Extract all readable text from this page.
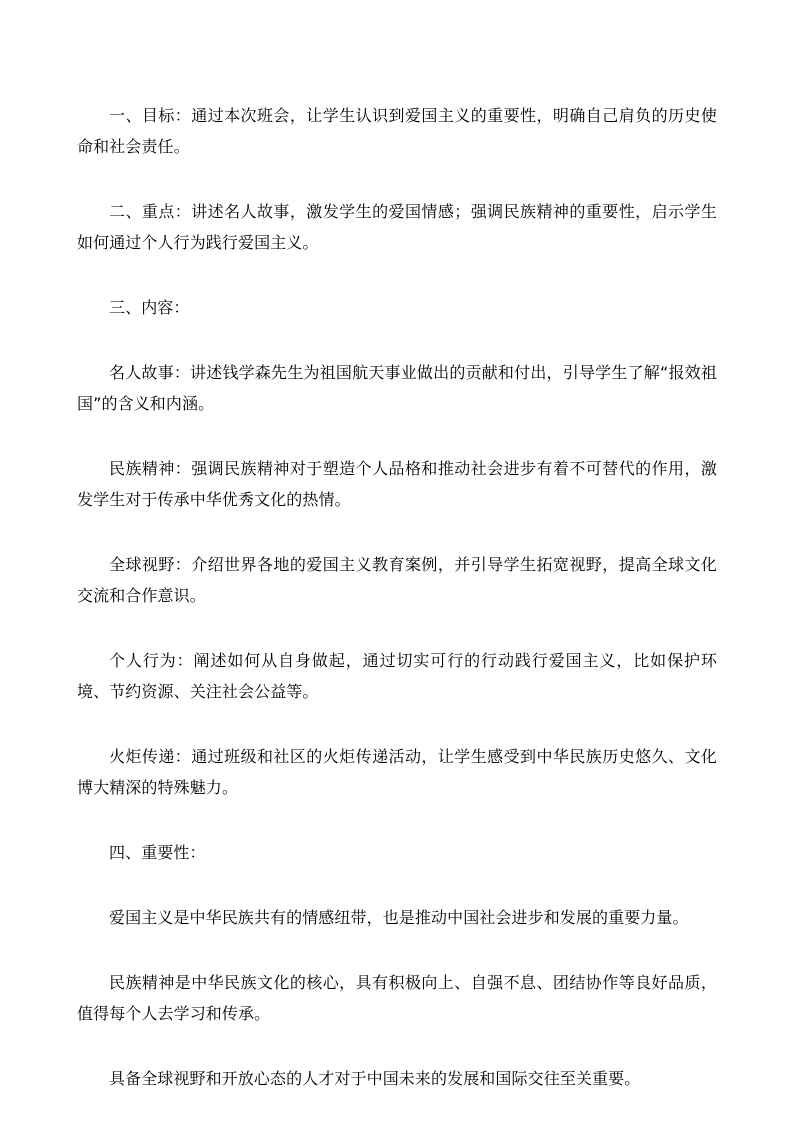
一、目标：通过本次班会，让学生认识到爱国主义的重要性，明确自己肩负的历史使命和社会责任。

二、重点：讲述名人故事，激发学生的爱国情感；强调民族精神的重要性，启示学生如何通过个人行为践行爱国主义。

三、内容：

名人故事：讲述钱学森先生为祖国航天事业做出的贡献和付出，引导学生了解“报效祖国”的含义和内涵。

民族精神：强调民族精神对于塑造个人品格和推动社会进步有着不可替代的作用，激发学生对于传承中华优秀文化的热情。

全球视野：介绍世界各地的爱国主义教育案例，并引导学生拓宽视野，提高全球文化交流和合作意识。

个人行为：阐述如何从自身做起，通过切实可行的行动践行爱国主义，比如保护环境、节约资源、关注社会公益等。

火炬传递：通过班级和社区的火炬传递活动，让学生感受到中华民族历史悠久、文化博大精深的特殊魅力。

四、重要性：

爱国主义是中华民族共有的情感纽带，也是推动中国社会进步和发展的重要力量。

民族精神是中华民族文化的核心，具有积极向上、自强不息、团结协作等良好品质，值得每个人去学习和传承。

具备全球视野和开放心态的人才对于中国未来的发展和国际交往至关重要。
